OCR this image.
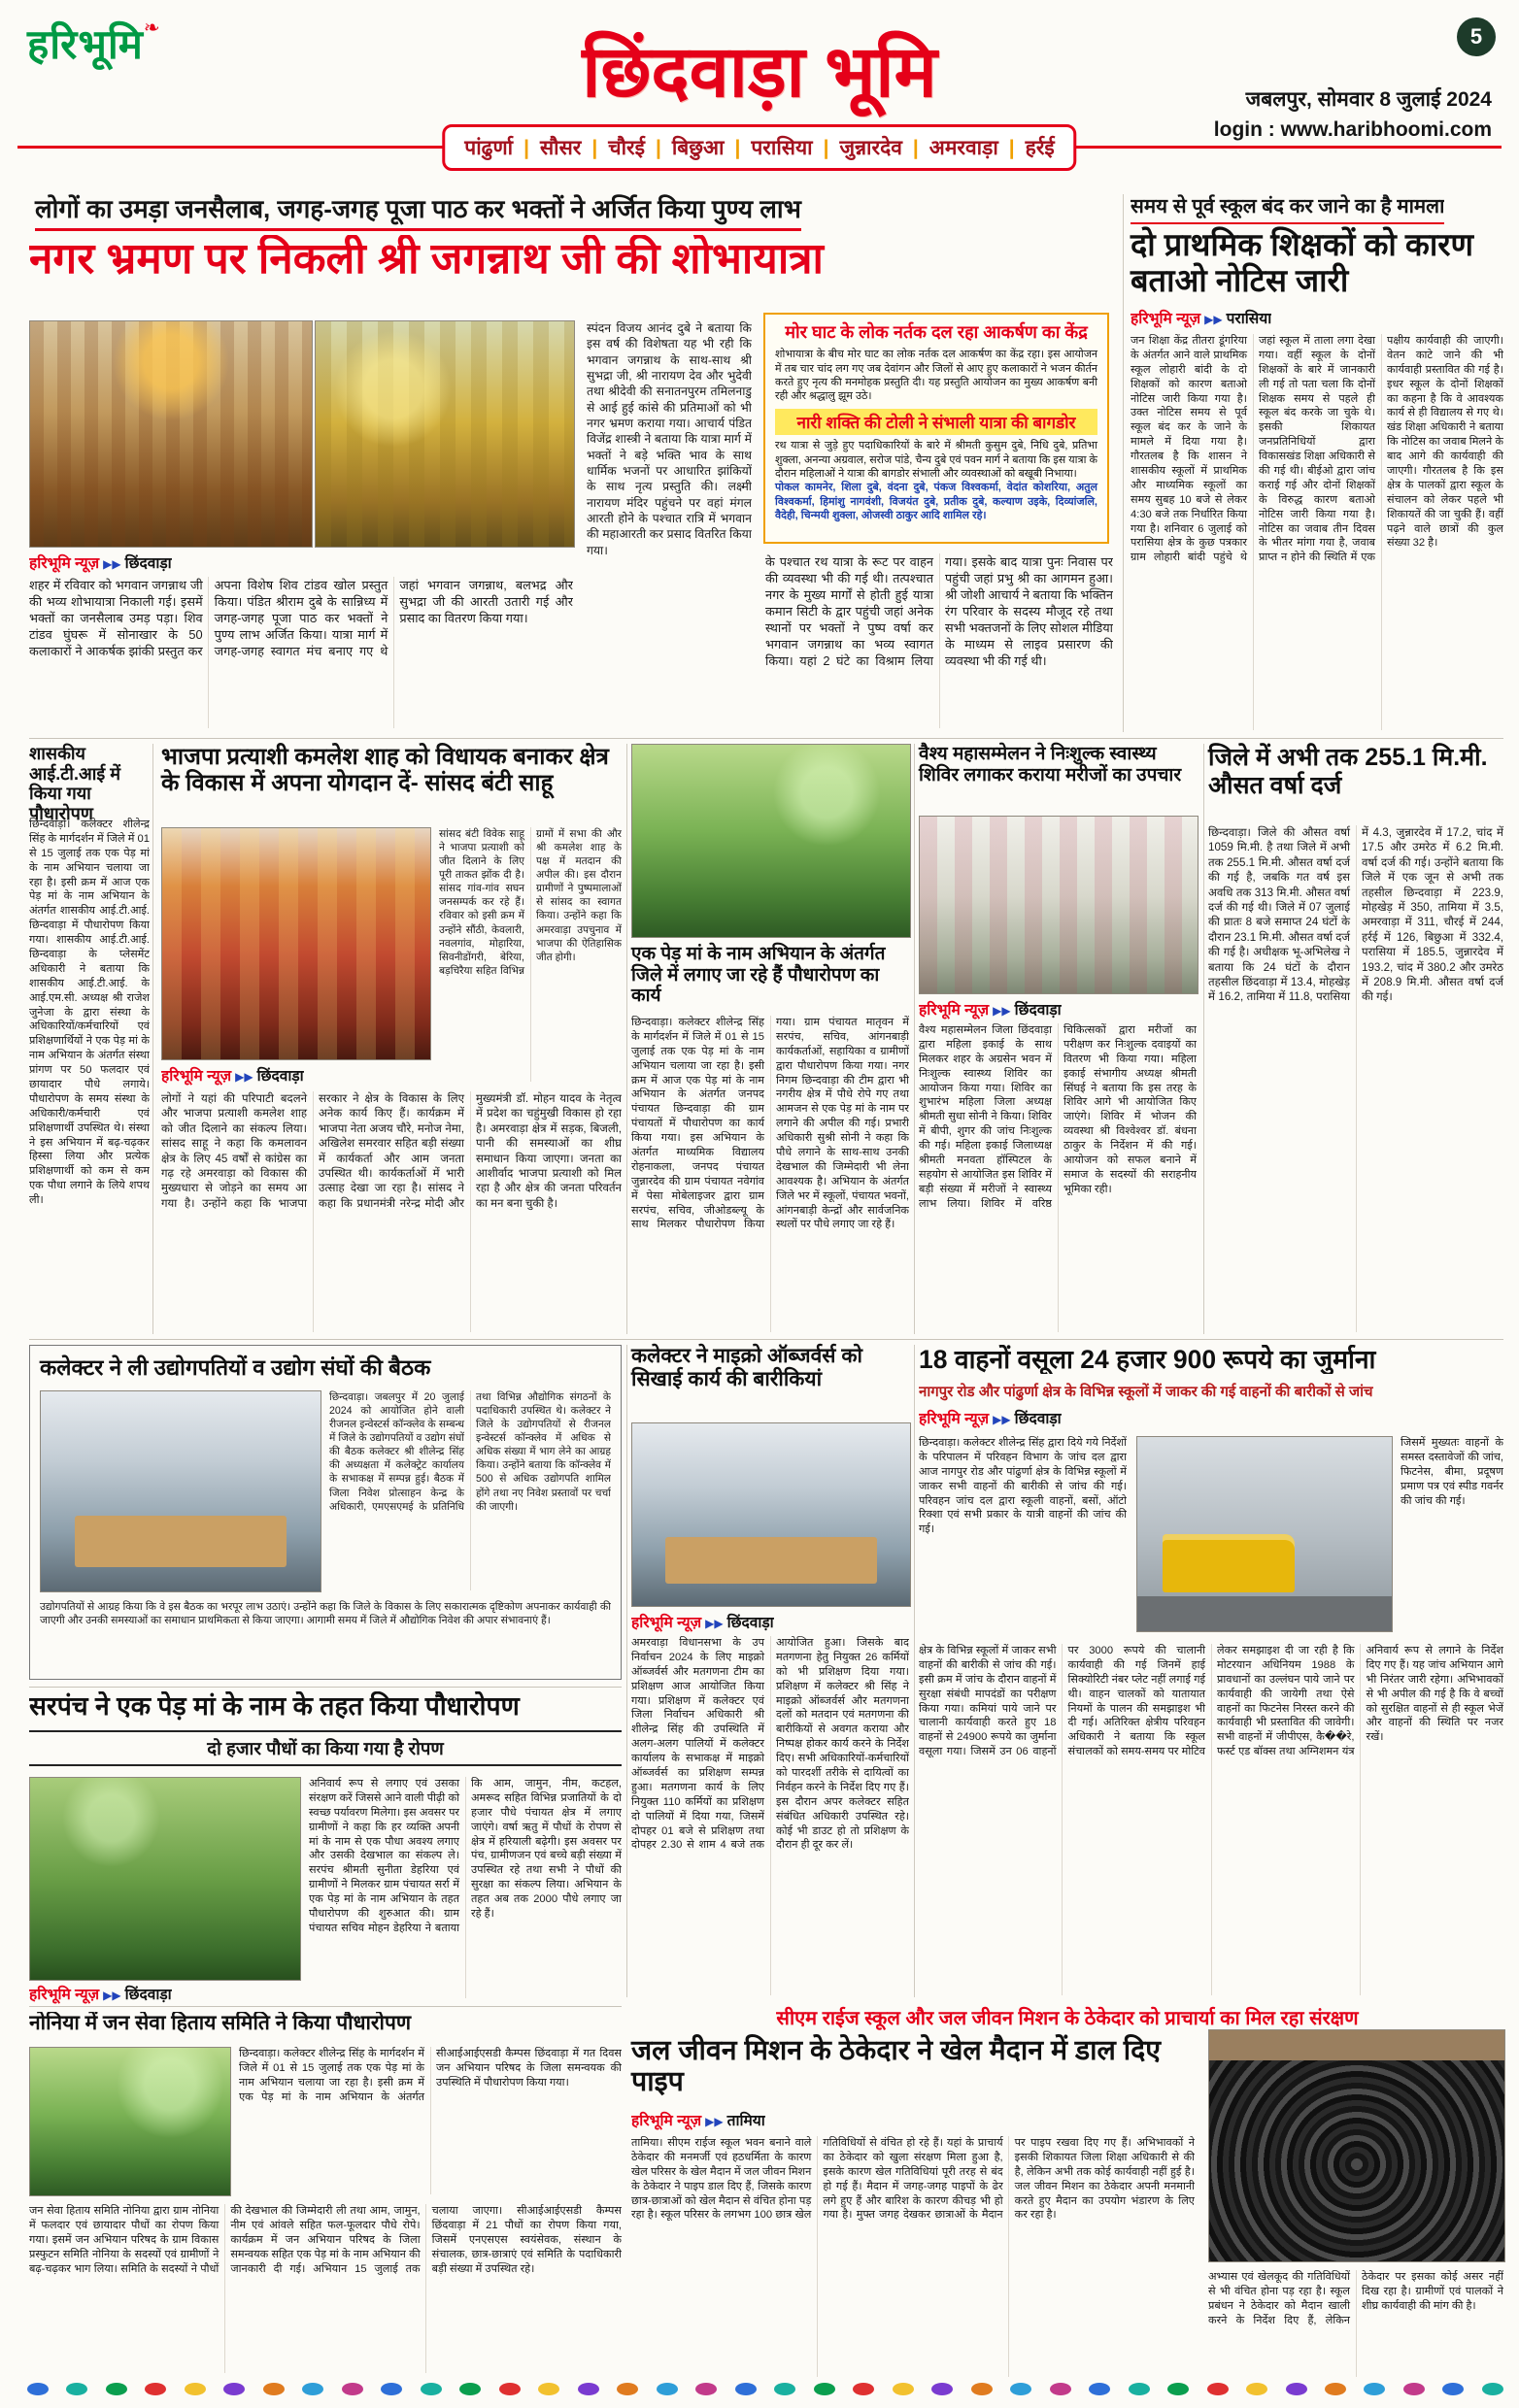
हरिभूमि❧
छिंदवाड़ा भूमि	5
जबलपुर, सोमवार 8 जुलाई 2024
login : www.haribhoomi.com
पांढुर्णा | सौसर | चौरई | बिछुआ | परासिया | जुन्नारदेव | अमरवाड़ा | हर्रई
लोगों का उमड़ा जनसैलाब, जगह-जगह पूजा पाठ कर भक्तों ने अर्जित किया पुण्य लाभ
नगर भ्रमण पर निकली श्री जगन्नाथ जी की शोभायात्रा
हरिभूमि न्यूज़ ▶▶ छिंदवाड़ा
शहर में रविवार को भगवान जगन्नाथ जी की भव्य शोभायात्रा निकाली गई। इसमें भक्तों का जनसैलाब उमड़ पड़ा। शिव टांडव घुंघरू में सोनाखार के 50 कलाकारों ने आकर्षक झांकी प्रस्तुत कर अपना विशेष शिव टांडव खोल प्रस्तुत किया। पंडित श्रीराम दुबे के सान्निध्य में जगह-जगह पूजा पाठ कर भक्तों ने पुण्य लाभ अर्जित किया। यात्रा मार्ग में जगह-जगह स्वागत मंच बनाए गए थे जहां भगवान जगन्नाथ, बलभद्र और सुभद्रा जी की आरती उतारी गई और प्रसाद का वितरण किया गया।
स्पंदन विजय आनंद दुबे ने बताया कि इस वर्ष की विशेषता यह भी रही कि भगवान जगन्नाथ के साथ-साथ श्री सुभद्रा जी, श्री नारायण देव और भुदेवी तथा श्रीदेवी की सनातनपुरम तमिलनाडु से आई हुई कांसे की प्रतिमाओं को भी नगर भ्रमण कराया गया। आचार्य पंडित विजेंद्र शास्त्री ने बताया कि यात्रा मार्ग में भक्तों ने बड़े भक्ति भाव के साथ धार्मिक भजनों पर आधारित झांकियों के साथ नृत्य प्रस्तुति की। लक्ष्मी नारायण मंदिर पहुंचने पर वहां मंगल आरती होने के पश्चात रात्रि में भगवान की महाआरती कर प्रसाद वितरित किया गया।
मोर घाट के लोक नर्तक दल रहा आकर्षण का केंद्र
शोभायात्रा के बीच मोर घाट का लोक नर्तक दल आकर्षण का केंद्र रहा। इस आयोजन में तब चार चांद लग गए जब देवांगन और जिलों से आए हुए कलाकारों ने भजन कीर्तन करते हुए नृत्य की मनमोहक प्रस्तुति दी। यह प्रस्तुति आयोजन का मुख्य आकर्षण बनी रही और श्रद्धालु झूम उठे।
नारी शक्ति की टोली ने संभाली यात्रा की बागडोर
रथ यात्रा से जुड़े हुए पदाधिकारियों के बारे में श्रीमती कुसुम दुबे, निधि दुबे, प्रतिभा शुक्ला, अनन्या अग्रवाल, सरोज पांडे, चैन्य दुबे एवं पवन मार्ग ने बताया कि इस यात्रा के दौरान महिलाओं ने यात्रा की बागडोर संभाली और व्यवस्थाओं को बखूबी निभाया।
पोकल कामनेर, शिला दुबे, वंदना दुबे, पंकज विश्वकर्मा, वेदांत कोशरिया, अतुल विश्वकर्मा, हिमांशु नागवंशी, विजयंत दुबे, प्रतीक दुबे, कल्याण उइके, दिव्यांजलि, वैदेही, चिन्मयी शुक्ला, ओजस्वी ठाकुर आदि शामिल रहे।
के पश्चात रथ यात्रा के रूट पर वाहन की व्यवस्था भी की गई थी। तत्पश्चात नगर के मुख्य मार्गों से होती हुई यात्रा कमान सिटी के द्वार पहुंची जहां अनेक स्थानों पर भक्तों ने पुष्प वर्षा कर भगवान जगन्नाथ का भव्य स्वागत किया। यहां 2 घंटे का विश्राम लिया गया। इसके बाद यात्रा पुनः निवास पर पहुंची जहां प्रभु श्री का आगमन हुआ। श्री जोशी आचार्य ने बताया कि भक्तिन रंग परिवार के सदस्य मौजूद रहे तथा सभी भक्तजनों के लिए सोशल मीडिया के माध्यम से लाइव प्रसारण की व्यवस्था भी की गई थी।
समय से पूर्व स्कूल बंद कर जाने का है मामला
दो प्राथमिक शिक्षकों को कारण बताओ नोटिस जारी
हरिभूमि न्यूज़ ▶▶ परासिया
जन शिक्षा केंद्र तीतरा डूंगरिया के अंतर्गत आने वाले प्राथमिक स्कूल लोहारी बांदी के दो शिक्षकों को कारण बताओ नोटिस जारी किया गया है। उक्त नोटिस समय से पूर्व स्कूल बंद कर के जाने के मामले में दिया गया है। गौरतलब है कि शासन ने शासकीय स्कूलों में प्राथमिक और माध्यमिक स्कूलों का समय सुबह 10 बजे से लेकर 4:30 बजे तक निर्धारित किया गया है। शनिवार 6 जुलाई को परासिया क्षेत्र के कुछ पत्रकार ग्राम लोहारी बांदी पहुंचे थे जहां स्कूल में ताला लगा देखा गया। वहीं स्कूल के दोनों शिक्षकों के बारे में जानकारी ली गई तो पता चला कि दोनों शिक्षक समय से पहले ही स्कूल बंद करके जा चुके थे। इसकी शिकायत जनप्रतिनिधियों द्वारा विकासखंड शिक्षा अधिकारी से की गई थी। बीईओ द्वारा जांच कराई गई और दोनों शिक्षकों के विरुद्ध कारण बताओ नोटिस जारी किया गया है। नोटिस का जवाब तीन दिवस के भीतर मांगा गया है, जवाब प्राप्त न होने की स्थिति में एक पक्षीय कार्यवाही की जाएगी। वेतन काटे जाने की भी कार्यवाही प्रस्तावित की गई है। इधर स्कूल के दोनों शिक्षकों का कहना है कि वे आवश्यक कार्य से ही विद्यालय से गए थे। खंड शिक्षा अधिकारी ने बताया कि नोटिस का जवाब मिलने के बाद आगे की कार्यवाही की जाएगी। गौरतलब है कि इस क्षेत्र के पालकों द्वारा स्कूल के संचालन को लेकर पहले भी शिकायतें की जा चुकी हैं। वहीं पढ़ने वाले छात्रों की कुल संख्या 32 है।
शासकीय आई.टी.आई में किया गया पौधारोपण
छिन्दवाड़ा। कलेक्टर शीलेन्द्र सिंह के मार्गदर्शन में जिले में 01 से 15 जुलाई तक एक पेड़ मां के नाम अभियान चलाया जा रहा है। इसी क्रम में आज एक पेड़ मां के नाम अभियान के अंतर्गत शासकीय आई.टी.आई. छिन्दवाड़ा में पौधारोपण किया गया। शासकीय आई.टी.आई. छिन्दवाड़ा के प्लेसमेंट अधिकारी ने बताया कि शासकीय आई.टी.आई. के आई.एम.सी. अध्यक्ष श्री राजेश जुनेजा के द्वारा संस्था के अधिकारियों/कर्मचारियों एवं प्रशिक्षणार्थियों ने एक पेड़ मां के नाम अभियान के अंतर्गत संस्था प्रांगण पर 50 फलदार एवं छायादार पौधे लगाये। पौधारोपण के समय संस्था के अधिकारी/कर्मचारी एवं प्रशिक्षणार्थी उपस्थित थे। संस्था ने इस अभियान में बढ़-चढ़कर हिस्सा लिया और प्रत्येक प्रशिक्षणार्थी को कम से कम एक पौधा लगाने के लिये शपथ ली।
भाजपा प्रत्याशी कमलेश शाह को विधायक बनाकर क्षेत्र के विकास में अपना योगदान दें- सांसद बंटी साहू
हरिभूमि न्यूज़ ▶▶ छिंदवाड़ा
सांसद बंटी विवेक साहू ने भाजपा प्रत्याशी को जीत दिलाने के लिए पूरी ताकत झोंक दी है। सांसद गांव-गांव सघन जनसम्पर्क कर रहे हैं। रविवार को इसी क्रम में उन्होंने सौंठी, केवलारी, नवलगांव, मोहारिया, सिवनीडोंगरी, बेरिया, बड़चिरैया सहित विभिन्न ग्रामों में सभा की और श्री कमलेश शाह के पक्ष में मतदान की अपील की। इस दौरान ग्रामीणों ने पुष्पमालाओं से सांसद का स्वागत किया। उन्होंने कहा कि अमरवाड़ा उपचुनाव में भाजपा की ऐतिहासिक जीत होगी।
लोगों ने यहां की परिपाटी बदलने और भाजपा प्रत्याशी कमलेश शाह को जीत दिलाने का संकल्प लिया। सांसद साहू ने कहा कि कमलावन क्षेत्र के लिए 45 वर्षों से कांग्रेस का गढ़ रहे अमरवाड़ा को विकास की मुख्यधारा से जोड़ने का समय आ गया है। उन्होंने कहा कि भाजपा सरकार ने क्षेत्र के विकास के लिए अनेक कार्य किए हैं। कार्यक्रम में भाजपा नेता अजय चौरे, मनोज नेमा, अखिलेश समरवार सहित बड़ी संख्या में कार्यकर्ता और आम जनता उपस्थित थी। कार्यकर्ताओं में भारी उत्साह देखा जा रहा है। सांसद ने कहा कि प्रधानमंत्री नरेन्द्र मोदी और मुख्यमंत्री डॉ. मोहन यादव के नेतृत्व में प्रदेश का चहुंमुखी विकास हो रहा है। अमरवाड़ा क्षेत्र में सड़क, बिजली, पानी की समस्याओं का शीघ्र समाधान किया जाएगा। जनता का आशीर्वाद भाजपा प्रत्याशी को मिल रहा है और क्षेत्र की जनता परिवर्तन का मन बना चुकी है।
एक पेड़ मां के नाम अभियान के अंतर्गत जिले में लगाए जा रहे हैं पौधारोपण का कार्य
छिन्दवाड़ा। कलेक्टर शीलेन्द्र सिंह के मार्गदर्शन में जिले में 01 से 15 जुलाई तक एक पेड़ मां के नाम अभियान चलाया जा रहा है। इसी क्रम में आज एक पेड़ मां के नाम अभियान के अंतर्गत जनपद पंचायत छिन्दवाड़ा की ग्राम पंचायतों में पौधारोपण का कार्य किया गया। इस अभियान के अंतर्गत माध्यमिक विद्यालय रोहनाकला, जनपद पंचायत जुन्नारदेव की ग्राम पंचायत नवेगांव में पेसा मोबेलाइजर द्वारा ग्राम सरपंच, सचिव, जीओडब्ल्यू के साथ मिलकर पौधारोपण किया गया। ग्राम पंचायत मातृवन में सरपंच, सचिव, आंगनबाड़ी कार्यकर्ताओं, सहायिका व ग्रामीणों द्वारा पौधारोपण किया गया। नगर निगम छिन्दवाड़ा की टीम द्वारा भी नगरीय क्षेत्र में पौधे रोपे गए तथा आमजन से एक पेड़ मां के नाम पर लगाने की अपील की गई। प्रभारी अधिकारी सुश्री सोनी ने कहा कि पौधे लगाने के साथ-साथ उनकी देखभाल की जिम्मेदारी भी लेना आवश्यक है। अभियान के अंतर्गत जिले भर में स्कूलों, पंचायत भवनों, आंगनबाड़ी केन्द्रों और सार्वजनिक स्थलों पर पौधे लगाए जा रहे हैं।
वैश्य महासम्मेलन ने निःशुल्क स्वास्थ्य शिविर लगाकर कराया मरीजों का उपचार
हरिभूमि न्यूज़ ▶▶ छिंदवाड़ा
वैश्य महासम्मेलन जिला छिंदवाड़ा द्वारा महिला इकाई के साथ मिलकर शहर के अग्रसेन भवन में निःशुल्क स्वास्थ्य शिविर का आयोजन किया गया। शिविर का शुभारंभ महिला जिला अध्यक्ष श्रीमती सुधा सोनी ने किया। शिविर में बीपी, शुगर की जांच निःशुल्क की गई। महिला इकाई जिलाध्यक्ष श्रीमती मनवता हॉस्पिटल के सहयोग से आयोजित इस शिविर में बड़ी संख्या में मरीजों ने स्वास्थ्य लाभ लिया। शिविर में वरिष्ठ चिकित्सकों द्वारा मरीजों का परीक्षण कर निःशुल्क दवाइयों का वितरण भी किया गया। महिला इकाई संभागीय अध्यक्ष श्रीमती सिंघई ने बताया कि इस तरह के शिविर आगे भी आयोजित किए जाएंगे। शिविर में भोजन की व्यवस्था श्री विश्वेश्वर डॉ. बंधना ठाकुर के निर्देशन में की गई। आयोजन को सफल बनाने में समाज के सदस्यों की सराहनीय भूमिका रही।
जिले में अभी तक 255.1 मि.मी. औसत वर्षा दर्ज
छिन्दवाड़ा। जिले की औसत वर्षा 1059 मि.मी. है तथा जिले में अभी तक 255.1 मि.मी. औसत वर्षा दर्ज की गई है, जबकि गत वर्ष इस अवधि तक 313 मि.मी. औसत वर्षा दर्ज की गई थी। जिले में 07 जुलाई की प्रातः 8 बजे समाप्त 24 घंटों के दौरान 23.1 मि.मी. औसत वर्षा दर्ज की गई है। अधीक्षक भू-अभिलेख ने बताया कि 24 घंटों के दौरान तहसील छिंदवाड़ा में 13.4, मोहखेड़ में 16.2, तामिया में 11.8, परासिया में 4.3, जुन्नारदेव में 17.2, चांद में 17.5 और उमरेठ में 6.2 मि.मी. वर्षा दर्ज की गई। उन्होंने बताया कि जिले में एक जून से अभी तक तहसील छिन्दवाड़ा में 223.9, मोहखेड़ में 350, तामिया में 3.5, अमरवाड़ा में 311, चौरई में 244, हर्रई में 126, बिछुआ में 332.4, परासिया में 185.5, जुन्नारदेव में 193.2, चांद में 380.2 और उमरेठ में 208.9 मि.मी. औसत वर्षा दर्ज की गई।
कलेक्टर ने ली उद्योगपतियों व उद्योग संघों की बैठक
छिन्दवाड़ा। जबलपुर में 20 जुलाई 2024 को आयोजित होने वाली रीजनल इन्वेस्टर्स कॉन्क्लेव के सम्बन्ध में जिले के उद्योगपतियों व उद्योग संघों की बैठक कलेक्टर श्री शीलेन्द्र सिंह की अध्यक्षता में कलेक्ट्रेट कार्यालय के सभाकक्ष में सम्पन्न हुई। बैठक में जिला निवेश प्रोत्साहन केन्द्र के अधिकारी, एमएसएमई के प्रतिनिधि तथा विभिन्न औद्योगिक संगठनों के पदाधिकारी उपस्थित थे। कलेक्टर ने जिले के उद्योगपतियों से रीजनल इन्वेस्टर्स कॉन्क्लेव में अधिक से अधिक संख्या में भाग लेने का आग्रह किया। उन्होंने बताया कि कॉन्क्लेव में 500 से अधिक उद्योगपति शामिल होंगे तथा नए निवेश प्रस्तावों पर चर्चा की जाएगी।
उद्योगपतियों से आग्रह किया कि वे इस बैठक का भरपूर लाभ उठाएं। उन्होंने कहा कि जिले के विकास के लिए सकारात्मक दृष्टिकोण अपनाकर कार्यवाही की जाएगी और उनकी समस्याओं का समाधान प्राथमिकता से किया जाएगा। आगामी समय में जिले में औद्योगिक निवेश की अपार संभावनाएं हैं।
कलेक्टर ने माइक्रो ऑब्जर्वर्स को सिखाई कार्य की बारीकियां
हरिभूमि न्यूज़ ▶▶ छिंदवाड़ा
अमरवाड़ा विधानसभा के उप निर्वाचन 2024 के लिए माइक्रो ऑब्जर्वर्स और मतगणना टीम का प्रशिक्षण आज आयोजित किया गया। प्रशिक्षण में कलेक्टर एवं जिला निर्वाचन अधिकारी श्री शीलेन्द्र सिंह की उपस्थिति में अलग-अलग पालियों में कलेक्टर कार्यालय के सभाकक्ष में माइक्रो ऑब्जर्वर्स का प्रशिक्षण सम्पन्न हुआ। मतगणना कार्य के लिए नियुक्त 110 कर्मियों का प्रशिक्षण दो पालियों में दिया गया, जिसमें दोपहर 01 बजे से प्रशिक्षण तथा दोपहर 2.30 से शाम 4 बजे तक आयोजित हुआ। जिसके बाद मतगणना हेतु नियुक्त 26 कर्मियों को भी प्रशिक्षण दिया गया। प्रशिक्षण में कलेक्टर श्री सिंह ने माइक्रो ऑब्जर्वर्स और मतगणना दलों को मतदान एवं मतगणना की बारीकियों से अवगत कराया और निष्पक्ष होकर कार्य करने के निर्देश दिए। सभी अधिकारियों-कर्मचारियों को पारदर्शी तरीके से दायित्वों का निर्वहन करने के निर्देश दिए गए हैं। इस दौरान अपर कलेक्टर सहित संबंधित अधिकारी उपस्थित रहे। कोई भी डाउट हो तो प्रशिक्षण के दौरान ही दूर कर लें।
18 वाहनों वसूला 24 हजार 900 रूपये का जुर्माना
नागपुर रोड और पांढुर्णा क्षेत्र के विभिन्न स्कूलों में जाकर की गई वाहनों की बारीकों से जांच
हरिभूमि न्यूज़ ▶▶ छिंदवाड़ा
छिन्दवाड़ा। कलेक्टर शीलेन्द्र सिंह द्वारा दिये गये निर्देशों के परिपालन में परिवहन विभाग के जांच दल द्वारा आज नागपुर रोड और पांढुर्णा क्षेत्र के विभिन्न स्कूलों में जाकर सभी वाहनों की बारीकी से जांच की गई। परिवहन जांच दल द्वारा स्कूली वाहनों, बसों, ऑटो रिक्शा एवं सभी प्रकार के यात्री वाहनों की जांच की गई।
जिसमें मुख्यतः वाहनों के समस्त दस्तावेजों की जांच, फिटनेस, बीमा, प्रदूषण प्रमाण पत्र एवं स्पीड गवर्नर की जांच की गई।
क्षेत्र के विभिन्न स्कूलों में जाकर सभी वाहनों की बारीकी से जांच की गई। इसी क्रम में जांच के दौरान वाहनों में सुरक्षा संबंधी मापदंडों का परीक्षण किया गया। कमियां पाये जाने पर चालानी कार्यवाही करते हुए 18 वाहनों से 24900 रूपये का जुर्माना वसूला गया। जिसमें उन 06 वाहनों पर 3000 रूपये की चालानी कार्यवाही की गई जिनमें हाई सिक्योरिटी नंबर प्लेट नहीं लगाई गई थी। वाहन चालकों को यातायात नियमों के पालन की समझाइश भी दी गई। अतिरिक्त क्षेत्रीय परिवहन अधिकारी ने बताया कि स्कूल संचालकों को समय-समय पर मोटिव लेकर समझाइश दी जा रही है कि मोटरयान अधिनियम 1988 के प्रावधानों का उल्लंघन पाये जाने पर कार्यवाही की जायेगी तथा ऐसे वाहनों का फिटनेस निरस्त करने की कार्यवाही भी प्रस्तावित की जावेगी। सभी वाहनों में जीपीएस, कै��रे, फर्स्ट एड बॉक्स तथा अग्निशमन यंत्र अनिवार्य रूप से लगाने के निर्देश दिए गए हैं। यह जांच अभियान आगे भी निरंतर जारी रहेगा। अभिभावकों से भी अपील की गई है कि वे बच्चों को सुरक्षित वाहनों से ही स्कूल भेजें और वाहनों की स्थिति पर नजर रखें।
सरपंच ने एक पेड़ मां के नाम के तहत किया पौधारोपण
दो हजार पौधों का किया गया है रोपण
हरिभूमि न्यूज़ ▶▶ छिंदवाड़ा
अनिवार्य रूप से लगाए एवं उसका संरक्षण करें जिससे आने वाली पीढ़ी को स्वच्छ पर्यावरण मिलेगा। इस अवसर पर ग्रामीणों ने कहा कि हर व्यक्ति अपनी मां के नाम से एक पौधा अवश्य लगाए और उसकी देखभाल का संकल्प ले। सरपंच श्रीमती सुनीता डेहरिया एवं ग्रामीणों ने मिलकर ग्राम पंचायत सर्रा में एक पेड़ मां के नाम अभियान के तहत पौधारोपण की शुरुआत की। ग्राम पंचायत सचिव मोहन डेहरिया ने बताया कि आम, जामुन, नीम, कटहल, अमरूद सहित विभिन्न प्रजातियों के दो हजार पौधे पंचायत क्षेत्र में लगाए जाएंगे। वर्षा ऋतु में पौधों के रोपण से क्षेत्र में हरियाली बढ़ेगी। इस अवसर पर पंच, ग्रामीणजन एवं बच्चे बड़ी संख्या में उपस्थित रहे तथा सभी ने पौधों की सुरक्षा का संकल्प लिया। अभियान के तहत अब तक 2000 पौधे लगाए जा रहे हैं।
नोनिया में जन सेवा हिताय समिति ने किया पौधारोपण
छिन्दवाड़ा। कलेक्टर शीलेन्द्र सिंह के मार्गदर्शन में जिले में 01 से 15 जुलाई तक एक पेड़ मां के नाम अभियान चलाया जा रहा है। इसी क्रम में एक पेड़ मां के नाम अभियान के अंतर्गत सीआईआईएसडी कैम्पस छिंदवाड़ा में गत दिवस जन अभियान परिषद के जिला समन्वयक की उपस्थिति में पौधारोपण किया गया।
जन सेवा हिताय समिति नोनिया द्वारा ग्राम नोनिया में फलदार एवं छायादार पौधों का रोपण किया गया। इसमें जन अभियान परिषद के ग्राम विकास प्रस्फुटन समिति नोनिया के सदस्यों एवं ग्रामीणों ने बढ़-चढ़कर भाग लिया। समिति के सदस्यों ने पौधों की देखभाल की जिम्मेदारी ली तथा आम, जामुन, नीम एवं आंवले सहित फल-फूलदार पौधे रोपे। कार्यक्रम में जन अभियान परिषद के जिला समन्वयक सहित एक पेड़ मां के नाम अभियान की जानकारी दी गई। अभियान 15 जुलाई तक चलाया जाएगा। सीआईआईएसडी कैम्पस छिंदवाड़ा में 21 पौधों का रोपण किया गया, जिसमें एनएसएस स्वयंसेवक, संस्थान के संचालक, छात्र-छात्राएं एवं समिति के पदाधिकारी बड़ी संख्या में उपस्थित रहे।
सीएम राईज स्कूल और जल जीवन मिशन के ठेकेदार को प्राचार्या का मिल रहा संरक्षण
जल जीवन मिशन के ठेकेदार ने खेल मैदान में डाल दिए पाइप
हरिभूमि न्यूज़ ▶▶ तामिया
तामिया। सीएम राईज स्कूल भवन बनाने वाले ठेकेदार की मनमर्जी एवं हठधर्मिता के कारण खेल परिसर के खेल मैदान में जल जीवन मिशन के ठेकेदार ने पाइप डाल दिए हैं, जिसके कारण छात्र-छात्राओं को खेल मैदान से वंचित होना पड़ रहा है। स्कूल परिसर के लगभग 100 छात्र खेल गतिविधियों से वंचित हो रहे हैं। यहां के प्राचार्य का ठेकेदार को खुला संरक्षण मिला हुआ है, इसके कारण खेल गतिविधियां पूरी तरह से बंद हो गई हैं। मैदान में जगह-जगह पाइपों के ढेर लगे हुए हैं और बारिश के कारण कीचड़ भी हो गया है। मुफ्त जगह देखकर छात्राओं के मैदान पर पाइप रखवा दिए गए हैं। अभिभावकों ने इसकी शिकायत जिला शिक्षा अधिकारी से की है, लेकिन अभी तक कोई कार्यवाही नहीं हुई है। जल जीवन मिशन का ठेकेदार अपनी मनमानी करते हुए मैदान का उपयोग भंडारण के लिए कर रहा है।
अभ्यास एवं खेलकूद की गतिविधियों से भी वंचित होना पड़ रहा है। स्कूल प्रबंधन ने ठेकेदार को मैदान खाली करने के निर्देश दिए हैं, लेकिन ठेकेदार पर इसका कोई असर नहीं दिख रहा है। ग्रामीणों एवं पालकों ने शीघ्र कार्यवाही की मांग की है।
